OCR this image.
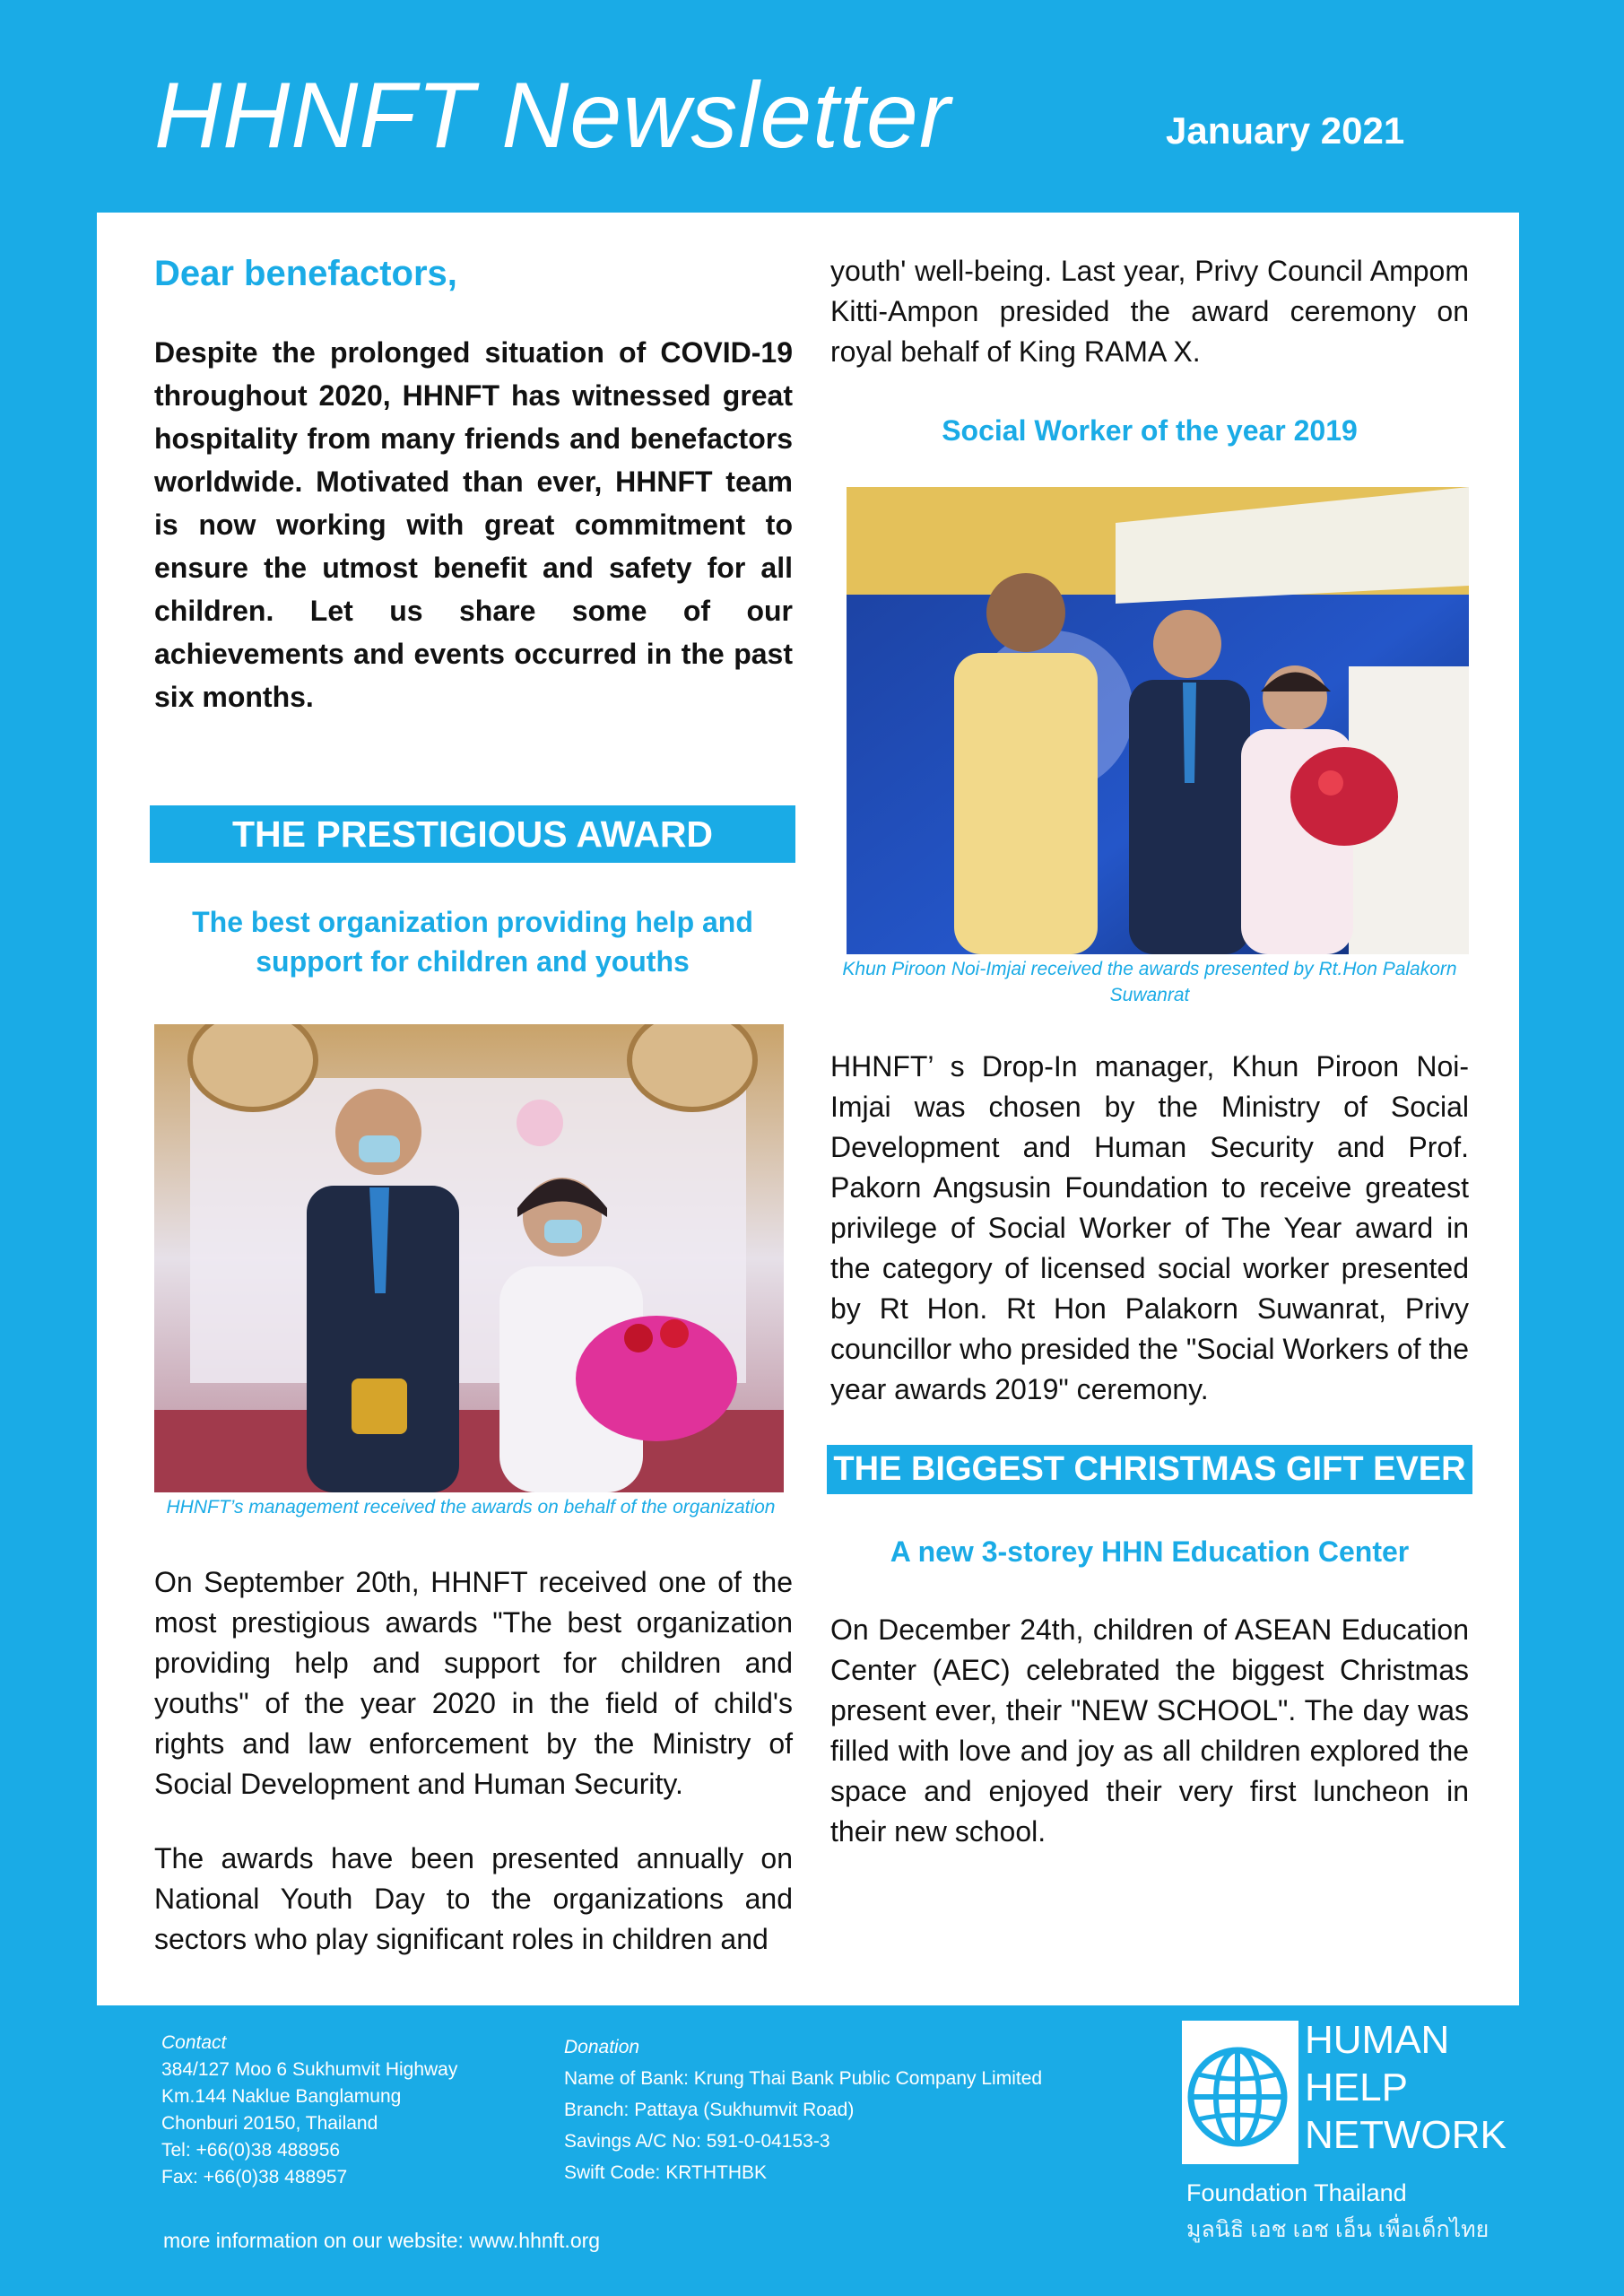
HHNFT Newsletter	January 2021
Dear benefactors,

Despite the prolonged situation of COVID-19 throughout 2020, HHNFT has witnessed great hospitality from many friends and benefactors worldwide. Motivated than ever, HHNFT team is now working with great commitment to ensure the utmost benefit and safety for all children. Let us share some of our achievements and events occurred in the past six months.

THE PRESTIGIOUS AWARD
The best organization providing help and support for children and youths
HHNFT’s management received the awards on behalf of the organization

On September 20th, HHNFT received one of the most prestigious awards "The best organization providing help and support for children and youths" of the year 2020 in the field of child's rights and law enforcement by the Ministry of Social Development and Human Security.

The awards have been presented annually on National Youth Day to the organizations and sectors who play significant roles in children and

youth' well-being. Last year, Privy Council Ampom Kitti-Ampon presided the award ceremony on royal behalf of King RAMA X.

Social Worker of the year 2019
Khun Piroon Noi-Imjai received the awards presented by Rt.Hon Palakorn Suwanrat

HHNFT’ s Drop-In manager, Khun Piroon Noi-Imjai was chosen by the Ministry of Social Development and Human Security and Prof. Pakorn Angsusin Foundation to receive greatest privilege of Social Worker of The Year award in the category of licensed social worker presented by Rt Hon. Rt Hon Palakorn Suwanrat, Privy councillor who presided the "Social Workers of the year awards 2019" ceremony.

THE BIGGEST CHRISTMAS GIFT EVER
A new 3-storey HHN Education Center

On December 24th, children of ASEAN Education Center (AEC) celebrated the biggest Christmas present ever, their "NEW SCHOOL". The day was filled with love and joy as all children explored the space and enjoyed their very first luncheon in their new school.

Contact
384/127 Moo 6 Sukhumvit Highway
Km.144 Naklue Banglamung
Chonburi 20150, Thailand
Tel: +66(0)38 488956
Fax: +66(0)38 488957
Donation
Name of Bank: Krung Thai Bank Public Company Limited
Branch: Pattaya (Sukhumvit Road)
Savings A/C No: 591-0-04153-3
Swift Code: KRTHTHBK
more information on our website: www.hhnft.org
HUMAN
HELP
NETWORK
Foundation Thailand
มูลนิธิ เอช เอช เอ็น เพื่อเด็กไทย
